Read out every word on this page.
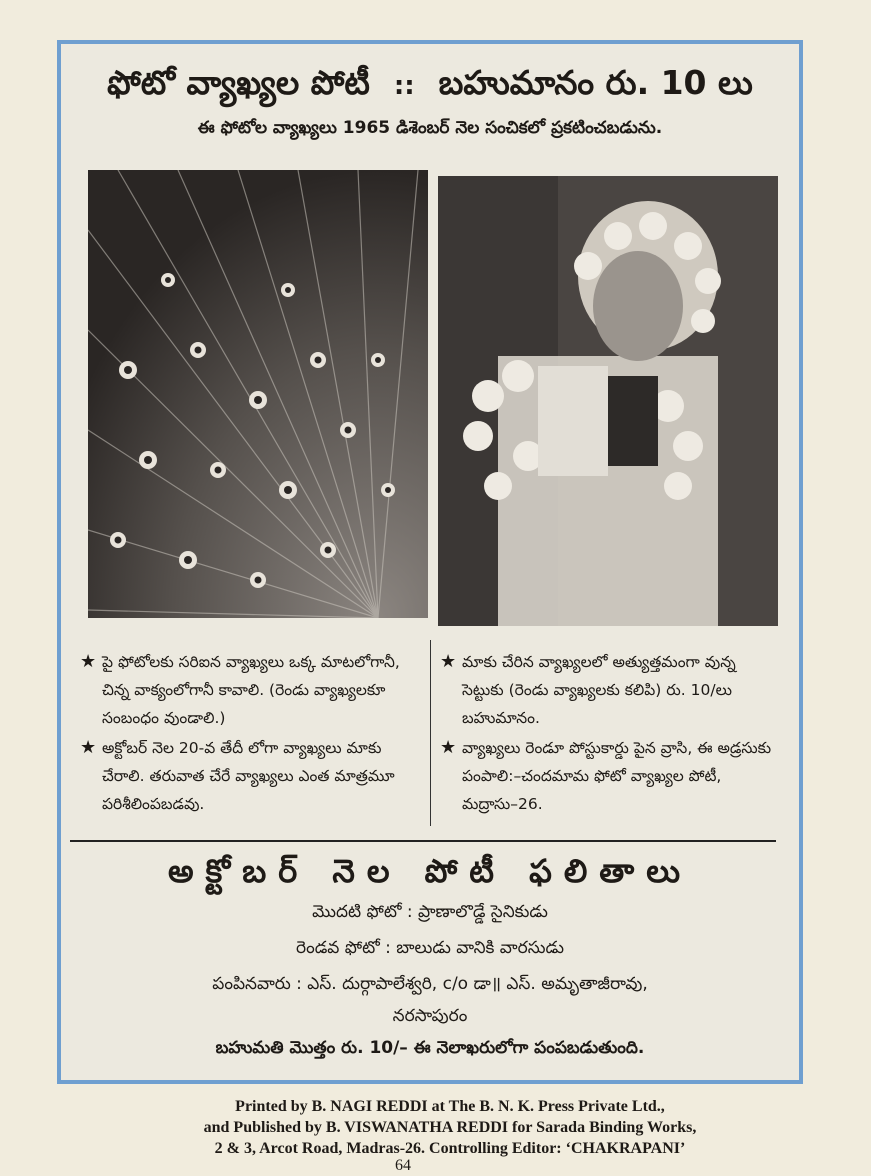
ఫోటో వ్యాఖ్యల పోటీ :: బహుమానం రు. 10 లు
ఈ ఫోటోల వ్యాఖ్యలు 1965 డిశెంబర్ నెల సంచికలో ప్రకటించబడును.
★ పై ఫోటోలకు సరిఐన వ్యాఖ్యలు ఒక్క మాటలోగానీ, చిన్న వాక్యంలోగానీ కావాలి. (రెండు వ్యాఖ్యలకూ సంబంధం వుండాలి.)
★ అక్టోబర్ నెల 20-వ తేదీ లోగా వ్యాఖ్యలు మాకు చేరాలి. తరువాత చేరే వ్యాఖ్యలు ఎంత మాత్రమూ పరిశీలింపబడవు.
★ మాకు చేరిన వ్యాఖ్యలలో అత్యుత్తమంగా వున్న సెట్టుకు (రెండు వ్యాఖ్యలకు కలిపి) రు. 10/లు బహుమానం.
★ వ్యాఖ్యలు రెండూ పోస్టుకార్డు పైన వ్రాసి, ఈ అడ్రసుకు పంపాలి:–చందమామ ఫోటో వ్యాఖ్యల పోటీ, మద్రాసు–26.
అక్టోబర్ నెల పోటీ ఫలితాలు
మొదటి ఫోటో : ప్రాణాలొడ్డే సైనికుడు
రెండవ ఫోటో : బాలుడు వానికి వారసుడు
పంపినవారు : ఎస్. దుర్గాపాలేశ్వరి, c/o డా॥ ఎస్. అమృతాజీరావు,
నరసాపురం
బహుమతి మొత్తం రు. 10/– ఈ నెలాఖరులోగా పంపబడుతుంది.
Printed by B. NAGI REDDI at The B. N. K. Press Private Ltd.,
and Published by B. VISWANATHA REDDI for Sarada Binding Works,
2 & 3, Arcot Road, Madras-26. Controlling Editor: ‘CHAKRAPANI’
64
